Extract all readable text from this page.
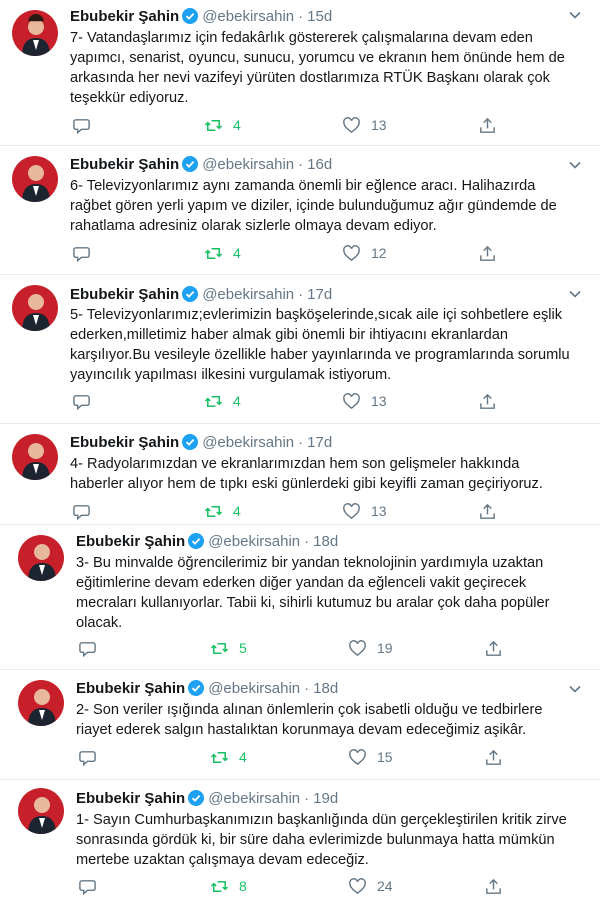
Ebubekir Şahin @ebekirsahin · 15d
7- Vatandaşlarımız için fedakârlık göstererek çalışmalarına devam eden
yapımcı, senarist, oyuncu, sunucu, yorumcu ve ekranın hem önünde hem de
arkasında her nevi vazifeyi yürüten dostlarımıza RTÜK Başkanı olarak çok
teşekkür ediyoruz.
4	13
Ebubekir Şahin @ebekirsahin · 16d
6- Televizyonlarımız aynı zamanda önemli bir eğlence aracı. Halihazırda
rağbet gören yerli yapım ve diziler, içinde bulunduğumuz ağır gündemde de
rahatlama adresiniz olarak sizlerle olmaya devam ediyor.
4	12
Ebubekir Şahin @ebekirsahin · 17d
5- Televizyonlarımız;evlerimizin başköşelerinde,sıcak aile içi sohbetlere eşlik
ederken,milletimiz haber almak gibi önemli bir ihtiyacını ekranlardan
karşılıyor.Bu vesileyle özellikle haber yayınlarında ve programlarında sorumlu
yayıncılık yapılması ilkesini vurgulamak istiyorum.
4	13
Ebubekir Şahin @ebekirsahin · 17d
4- Radyolarımızdan ve ekranlarımızdan hem son gelişmeler hakkında
haberler alıyor hem de tıpkı eski günlerdeki gibi keyifli zaman geçiriyoruz.
4	13
Ebubekir Şahin @ebekirsahin · 18d
3- Bu minvalde öğrencilerimiz bir yandan teknolojinin yardımıyla uzaktan
eğitimlerine devam ederken diğer yandan da eğlenceli vakit geçirecek
mecraları kullanıyorlar. Tabii ki, sihirli kutumuz bu aralar çok daha popüler
olacak.
5	19
Ebubekir Şahin @ebekirsahin · 18d
2- Son veriler ışığında alınan önlemlerin çok isabetli olduğu ve tedbirlere
riayet ederek salgın hastalıktan korunmaya devam edeceğimiz aşikâr.
4	15
Ebubekir Şahin @ebekirsahin · 19d
1- Sayın Cumhurbaşkanımızın başkanlığında dün gerçekleştirilen kritik zirve
sonrasında gördük ki, bir süre daha evlerimizde bulunmaya hatta mümkün
mertebe uzaktan çalışmaya devam edeceğiz.
8	24
